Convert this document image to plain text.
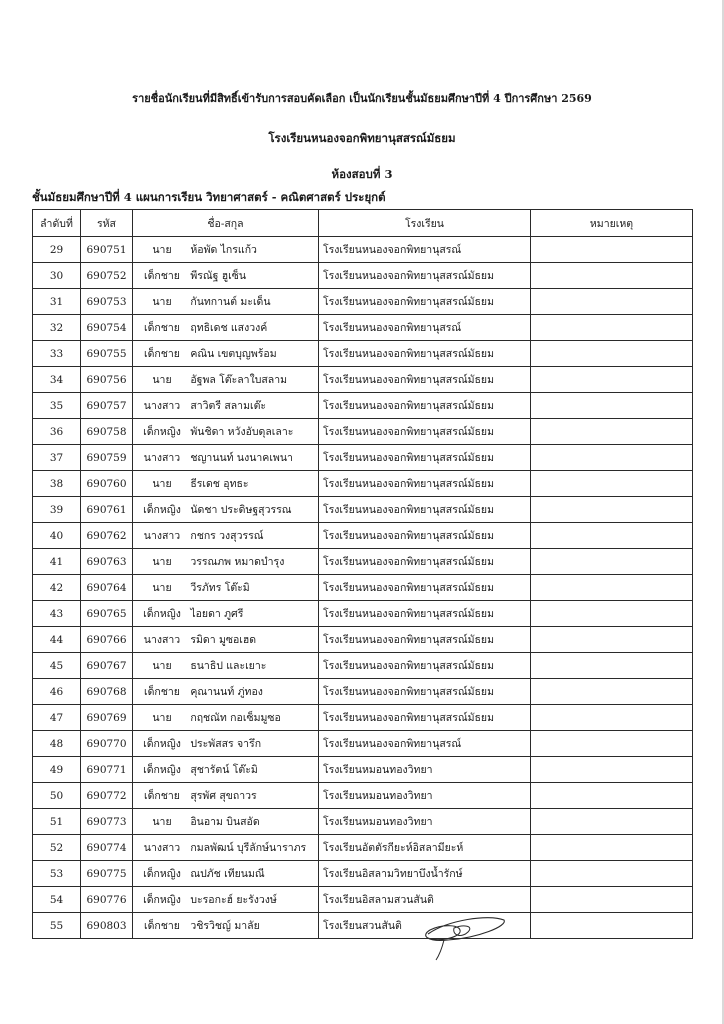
รายชื่อนักเรียนที่มีสิทธิ์เข้ารับการสอบคัดเลือก เป็นนักเรียนชั้นมัธยมศึกษาปีที่ 4 ปีการศึกษา 2569
โรงเรียนหนองจอกพิทยานุสสรณ์มัธยม
ห้องสอบที่ 3
ชั้นมัธยมศึกษาปีที่ 4 แผนการเรียน วิทยาศาสตร์ - คณิตศาสตร์ ประยุกต์
ลำดับที่	รหัส	ชื่อ-สกุล	โรงเรียน	หมายเหตุ
29	690751	นาย ห้อพัด ไกรแก้ว	โรงเรียนหนองจอกพิทยานุสรณ์	
30	690752	เด็กชาย พีรณัฐ ฮูเซ็น	โรงเรียนหนองจอกพิทยานุสสรณ์มัธยม	
31	690753	นาย กันทกานต์ มะเด็น	โรงเรียนหนองจอกพิทยานุสสรณ์มัธยม	
32	690754	เด็กชาย ฤทธิเดช แสงวงค์	โรงเรียนหนองจอกพิทยานุสรณ์	
33	690755	เด็กชาย คณิน เขตบุญพร้อม	โรงเรียนหนองจอกพิทยานุสสรณ์มัธยม	
34	690756	นาย อัฐพล โต๊ะลาใบสลาม	โรงเรียนหนองจอกพิทยานุสสรณ์มัธยม	
35	690757	นางสาว สาวิตรี สลามเต๊ะ	โรงเรียนหนองจอกพิทยานุสสรณ์มัธยม	
36	690758	เด็กหญิง พันชิดา หวังอับดุลเลาะ	โรงเรียนหนองจอกพิทยานุสสรณ์มัธยม	
37	690759	นางสาว ชญานนท์ นงนาคเพนา	โรงเรียนหนองจอกพิทยานุสสรณ์มัธยม	
38	690760	นาย ธีรเดช อุทธะ	โรงเรียนหนองจอกพิทยานุสสรณ์มัธยม	
39	690761	เด็กหญิง นัดชา ประดิษฐสุวรรณ	โรงเรียนหนองจอกพิทยานุสสรณ์มัธยม	
40	690762	นางสาว กชกร วงสุวรรณ์	โรงเรียนหนองจอกพิทยานุสสรณ์มัธยม	
41	690763	นาย วรรณภพ หมาดบำรุง	โรงเรียนหนองจอกพิทยานุสสรณ์มัธยม	
42	690764	นาย วีรภัทร โต๊ะมิ	โรงเรียนหนองจอกพิทยานุสสรณ์มัธยม	
43	690765	เด็กหญิง ไอยดา ภูศรี	โรงเรียนหนองจอกพิทยานุสสรณ์มัธยม	
44	690766	นางสาว รมิดา มูซอเฮด	โรงเรียนหนองจอกพิทยานุสสรณ์มัธยม	
45	690767	นาย ธนาธิป และเยาะ	โรงเรียนหนองจอกพิทยานุสสรณ์มัธยม	
46	690768	เด็กชาย คุณานนท์ ภู่ทอง	โรงเรียนหนองจอกพิทยานุสสรณ์มัธยม	
47	690769	นาย กฤชณัท กอเซ็มมูซอ	โรงเรียนหนองจอกพิทยานุสสรณ์มัธยม	
48	690770	เด็กหญิง ประพัสสร จารึก	โรงเรียนหนองจอกพิทยานุสรณ์	
49	690771	เด็กหญิง สุชารัตน์ โต๊ะมิ	โรงเรียนหมอนทองวิทยา	
50	690772	เด็กชาย สุรพัศ สุขถาวร	โรงเรียนหมอนทองวิทยา	
51	690773	นาย อินอาม บินสอัด	โรงเรียนหมอนทองวิทยา	
52	690774	นางสาว กมลพัฒน์ บุรีลักษ์นาราภร	โรงเรียนอัตตัรกียะห์อิสลามียะห์	
53	690775	เด็กหญิง ณปภัช เทียนมณี	โรงเรียนอิสลามวิทยาบึงน้ำรักษ์	
54	690776	เด็กหญิง บะรอกะฮ์ ยะรังวงษ์	โรงเรียนอิสลามสวนสันติ	
55	690803	เด็กชาย วชิรวิชญ์ มาลัย	โรงเรียนสวนสันติ	
